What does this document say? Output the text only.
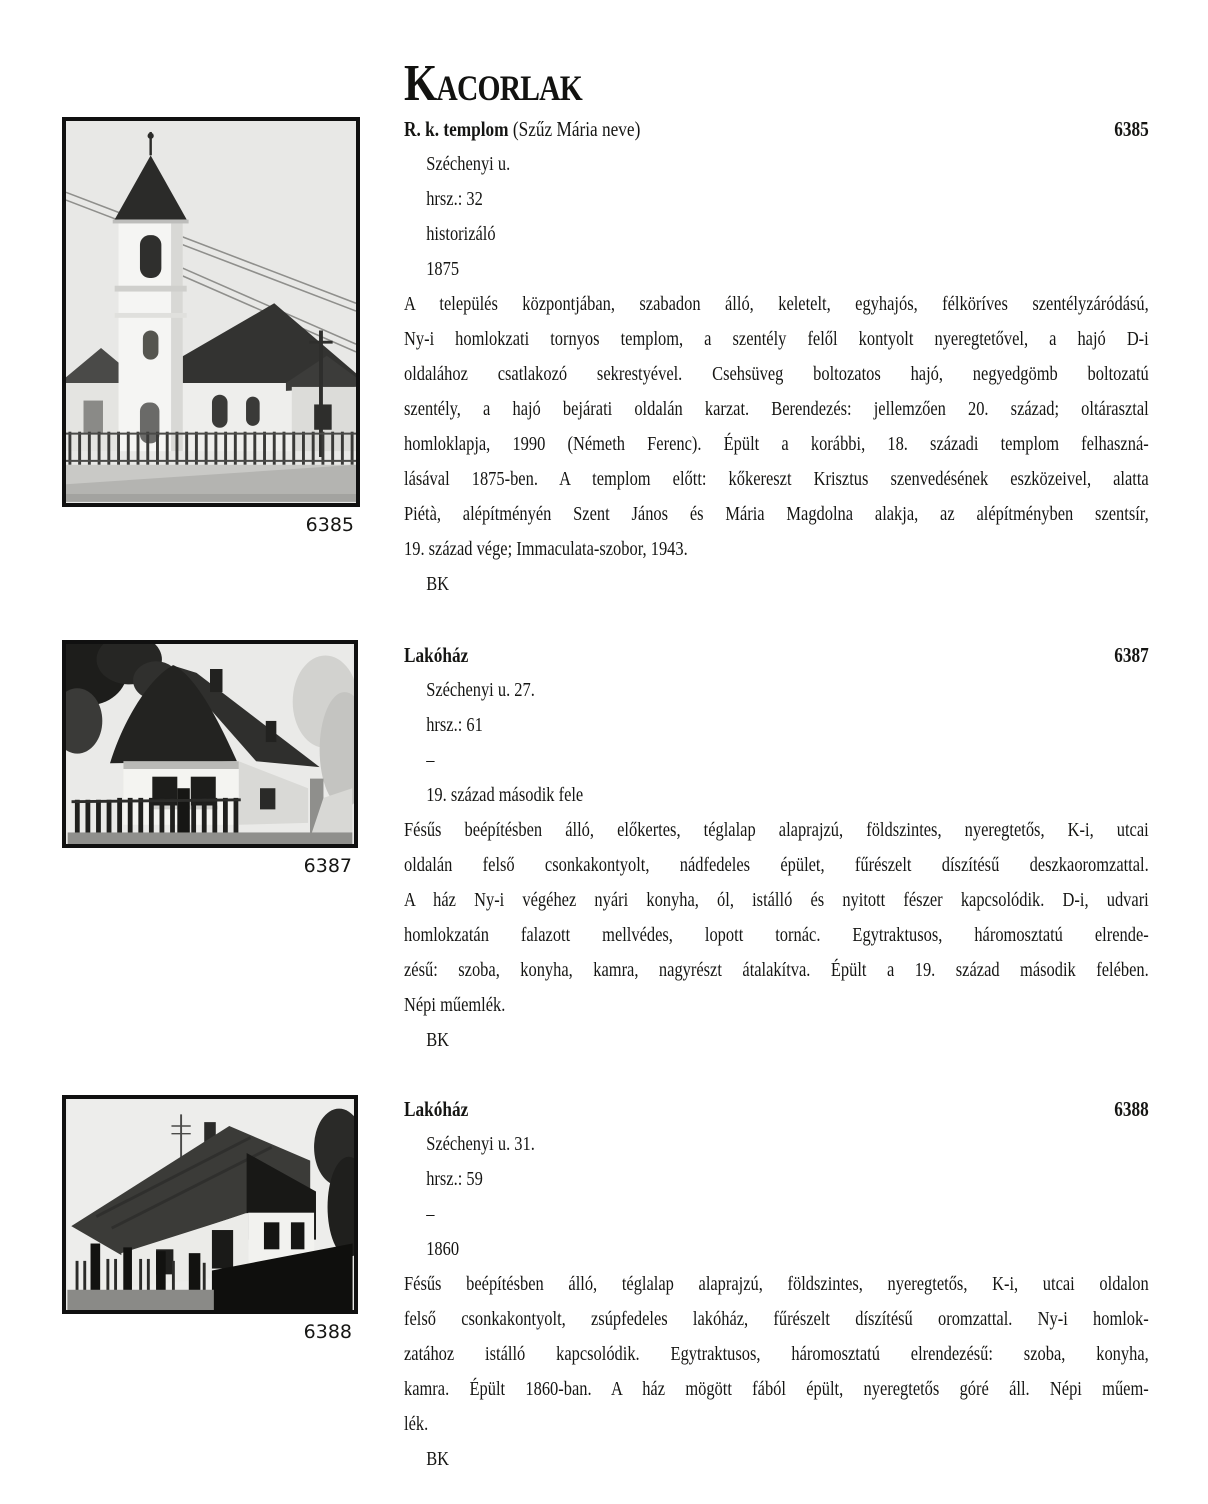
6385
6387
6388
Kacorlak
R. k. templom (Szűz Mária neve)	6385
Széchenyi u.
hrsz.: 32
historizáló
1875
A település központjában, szabadon álló, keletelt, egyhajós, félköríves szentélyzáródású,
Ny-i homlokzati tornyos templom, a szentély felől kontyolt nyeregtetővel, a hajó D-i
oldalához csatlakozó sekrestyével. Csehsüveg boltozatos hajó, negyedgömb boltozatú
szentély, a hajó bejárati oldalán karzat. Berendezés: jellemzően 20. század; oltárasztal
homloklapja, 1990 (Németh Ferenc). Épült a korábbi, 18. századi templom felhaszná-
lásával 1875-ben. A templom előtt: kőkereszt Krisztus szenvedésének eszközeivel, alatta
Piétà, alépítményén Szent János és Mária Magdolna alakja, az alépítményben szentsír,
19. század vége; Immaculata-szobor, 1943.
BK
Lakóház	6387
Széchenyi u. 27.
hrsz.: 61
–
19. század második fele
Fésűs beépítésben álló, előkertes, téglalap alaprajzú, földszintes, nyeregtetős, K-i, utcai
oldalán felső csonkakontyolt, nádfedeles épület, fűrészelt díszítésű deszkaoromzattal.
A ház Ny-i végéhez nyári konyha, ól, istálló és nyitott fészer kapcsolódik. D-i, udvari
homlokzatán falazott mellvédes, lopott tornác. Egytraktusos, háromosztatú elrende-
zésű: szoba, konyha, kamra, nagyrészt átalakítva. Épült a 19. század második felében.
Népi műemlék.
BK
Lakóház	6388
Széchenyi u. 31.
hrsz.: 59
–
1860
Fésűs beépítésben álló, téglalap alaprajzú, földszintes, nyeregtetős, K-i, utcai oldalon
felső csonkakontyolt, zsúpfedeles lakóház, fűrészelt díszítésű oromzattal. Ny-i homlok-
zatához istálló kapcsolódik. Egytraktusos, háromosztatú elrendezésű: szoba, konyha,
kamra. Épült 1860-ban. A ház mögött fából épült, nyeregtetős góré áll. Népi műem-
lék.
BK
